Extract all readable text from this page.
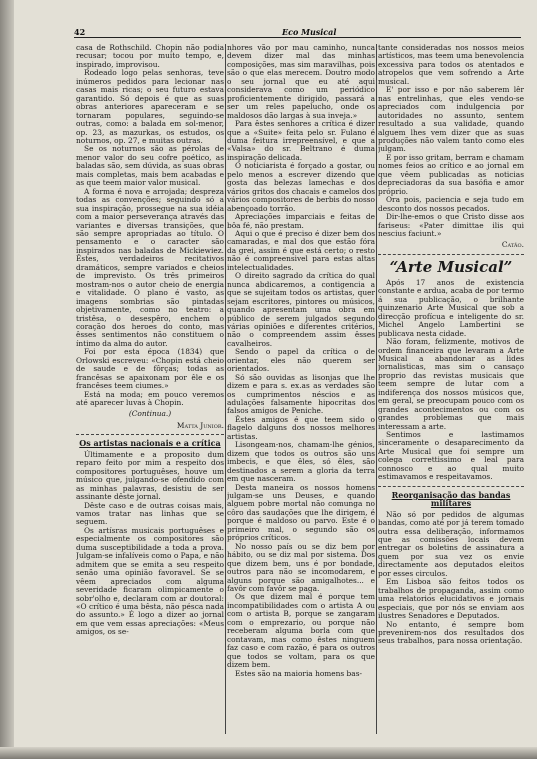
42	Eco Musical

casa de Rothschild. Chopin não podia recusar; tocou por muito tempo, e, inspirado, improvisou.

Rodeado logo pelas senhoras, teve inúmeros pedidos para lecionar nas casas mais ricas; o seu futuro estava garantido. Só depois é que as suas obras anteriores apareceram e se tornaram populares, seguindo-se outras, como: a balada em sol-menor, op. 23, as mazurkas, os estudos, os noturnos, op. 27, e muitas outras.

Se os noturnos são as pérolas de menor valor do seu cofre poético, as baladas são, sem dúvida, as suas obras mais completas, mais bem acabadas e as que teem maior valor musical.

A forma é nova e arrojada; despreza todas as convenções; seguindo só a sua inspiração, prossegue na sua idéia com a maior perseverança através das variantes e diversas transições, que são sempre apropriadas ao título. O pensamento e o caracter são inspirados nas baladas de Mickiewiez. Êstes, verdadeiros recitativos dramáticos, sempre variados e cheios de imprevisto. Os três primeiros mostram-nos o autor cheio de energia e vitalidade. O plano é vasto, as imagens sombrias são pintadas objetivamente, como no teatro: a tristêsa, o desespêro, enchem o coração dos heroes do conto, mas êsses sentimentos não constituem o íntimo da alma do autor.

Foi por esta época (1834) que Orlowski escreveu: «Chopin está cheio de saude e de fôrças; todas as francêsas se apaixonam por êle e os francêses teem ciumes.»

Está na moda; em pouco veremos até aparecer luvas à Chopin.

(Continua.)
Matta Junior.
Os artistas nacionais e a crítica

Últimamente e a proposito dum reparo feito por mim a respeito dos compositores portuguêses, houve um músico que, julgando-se ofendido com as minhas palavras, desistiu de ser assinante dêste jornal.

Dêste caso e de outras coisas mais, vamos tratar nas linhas que se seguem.

Os artísras musicais portuguêses e especialmente os compositores são duma susceptibilidade a toda a prova. Julgam-se infalíveis como o Papa, e não admitem que se emita a seu respeito senão uma opinião favoravel. Se se vêem apreciados com alguma severidade ficaram olimpicamente o sobr'olho e, declaram com ar doutoral: «O crítico é uma bêsta, não pésca nada do assunto.» É logo a dizer ao jornal em que vem essas apreciações: «Meus amigos, os se-

nhores vão por mau caminho, nunca devem dizer mal das minhas composições, mas sim maravilhas, pois são o que elas merecem. Doutro modo o seu jornal que eu até aqui considerava como um periódico proficientemente dirigido, passará a ser um reles papelucho, onde os maldosos dão largas à sua inveja.»

Para êstes senhores a crítica é dizer que a «Suite» feita pelo sr. Fulano é duma feitura irrepreensível, e que a «Valsa» do sr. Beltrano é duma inspiração delicada.

O noticiarista é forçado a gostar, ou pelo menos a escrever dizendo que gosta das belezas lamechas e dos vários gritos dos chacais e camelos dos vários compositores de berbis do nosso abençoado torrão.

Apreciações imparciais e feitas de bôa fé, não prestam.

Aqui o que é preciso é dizer bem dos camaradas, e mal dos que estão fóra da grei, assim é que está certo; o resto não é compreensivel para estas altas intelectualidades.

O direito sagrado da crítica do qual nunca abdicaremos, a contigencia a que se sujeitam todos os artistas, quer sejam escritores, pintores ou músicos, quando apresentam uma obra em público de serem julgados segundo várias opiniões e diferentes critérios, não o compreendem assim êsses cavalheiros.

Sendo o papel da crítica o de orientar, eles não querem ser orientados.

Só são ouvidas as lisonjas que lhe dizem e para s. ex.as as verdades são os cumprimentos néscios e as adulações falsamente hipocritas dos falsos amigos de Peniche.

Êstes amigos é que teem sido o flagelo dalguns dos nossos melhores artistas.

Lisongeam-nos, chamam-lhe génios, dizem que todos os outros são uns imbecis, e que êles, só êles, são destinados a serem a gloria da terra em que nasceram.

Desta maneira os nossos homens julgam-se uns Deuses, e quando alguem pobre mortal não comunga no côro das saudações que lhe dirigem, é porque é maldoso ou parvo. Este é o primeiro mal, o segundo são os próprios críticos.

No nosso país ou se diz bem por hábito, ou se diz mal por sistema. Dos que dizem bem, uns é por bondade, outros para não se incomodarem, e alguns porque são amigalhotes... e favôr com favôr se paga.

Os que dizem mal é porque tem incompatibilidades com o artista A ou com o artista B, porque se zangaram com o emprezario, ou porque não receberam alguma borla com que contavam, mas como êstes ninguem faz caso e com razão, é para os outros que todos se voltam, para os que dizem bem.

Estes são na maioria homens bas-

tante consideradas nos nossos meios artísticos, mas teem uma benevolencia excessiva para todos os atentados e atropelos que vem sofrendo a Arte musical.

E' por isso e por não saberem lêr nas entrelinhas, que eles vendo-se apreciados com indulgencia por autoridades no assunto, sentem resultado a sua validade, quando alguem lhes vem dizer que as suas produções não valem tanto como eles julgam.

E por isso gritam, berram e chamam nomes feios ao crítico e ao jornal em que vêem publicadas as noticias depreciadoras da sua basófia e amor próprio.

Ora pois, paciencia e seja tudo em desconto dos nossos pecados.

Dir-lhe-emos o que Cristo disse aos fariseus: «Pater dimittae ilis qui nescius faciunt.»

Catão.
“Arte Musical”

Após 17 anos de existencia constante e ardua, acaba de por termo á sua publicação, o brilhante quinzenario Arte Musical que sob a direcção profícua e inteligente do sr. Michel Angelo Lambertini se publicava nesta cidade.

Não foram, felizmente, motivos de ordem financeira que levaram a Arte Musical a abandonar as lides jornalisticas, mas sim o cansaço proprio das revistas musicais que teem sempre de lutar com a indiferença dos nossos músicos que, em geral, se preocupam pouco com os grandes acontecimentos ou com os grandes problemas que mais interessam a arte.

Sentimos e lastimamos sinceramente o desaparecimento da Arte Musical que foi sempre um colega correttissimo e leal para connosco e ao qual muito estimavamos e respeitavamos.

Reorganisação das bandas militares

Não só por pedidos de algumas bandas, como até por já terem tomado outra essa deliberação, informamos que as comissões locais devem entregar os boletins de assinatura a quem por sua vez os envie directamente aos deputados eleitos por esses circulos.

Em Lisboa são feitos todos os trabalhos de propaganda, assim como uma relatorios elucidativos e jornais especiais, que por nós se enviam aos ilustres Senadores e Deputados.

No entanto, é sempre bom prevenirem-nos dos resultados dos seus trabalhos, para nossa orientação.
